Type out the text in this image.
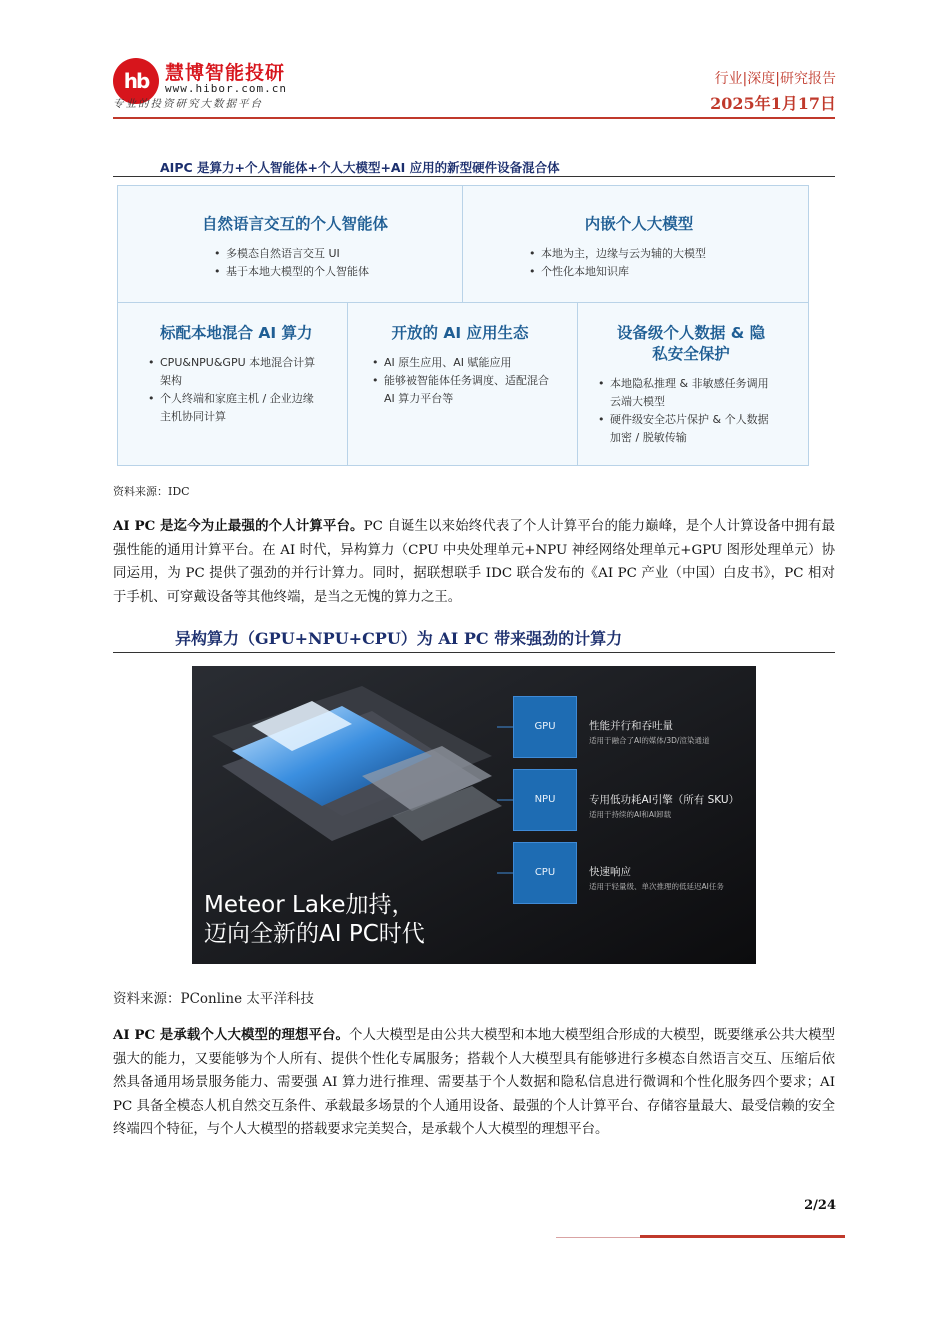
hb 慧博智能投研
www.hibor.com.cn
专业的投资研究大数据平台
行业|深度|研究报告
2025年1月17日
AIPC 是算力+个人智能体+个人大模型+AI 应用的新型硬件设备混合体
自然语言交互的个人智能体
• 多模态自然语言交互 UI
• 基于本地大模型的个人智能体
内嵌个人大模型
• 本地为主，边缘与云为辅的大模型
• 个性化本地知识库
标配本地混合 AI 算力
• CPU&NPU&GPU 本地混合计算架构
• 个人终端和家庭主机 / 企业边缘主机协同计算
开放的 AI 应用生态
• AI 原生应用、AI 赋能应用
• 能够被智能体任务调度、适配混合 AI 算力平台等
设备级个人数据 & 隐私安全保护
• 本地隐私推理 & 非敏感任务调用云端大模型
• 硬件级安全芯片保护 & 个人数据加密 / 脱敏传输
资料来源：IDC

AI PC 是迄今为止最强的个人计算平台。PC 自诞生以来始终代表了个人计算平台的能力巅峰，是个人计算设备中拥有最强性能的通用计算平台。在 AI 时代，异构算力（CPU 中央处理单元+NPU 神经网络处理单元+GPU 图形处理单元）协同运用，为 PC 提供了强劲的并行计算力。同时，据联想联手 IDC 联合发布的《AI PC 产业（中国）白皮书》，PC 相对于手机、可穿戴设备等其他终端，是当之无愧的算力之王。

异构算力（GPU+NPU+CPU）为 AI PC 带来强劲的计算力
GPU	性能并行和吞吐量
适用于融合了AI的媒体/3D/渲染通道
NPU	专用低功耗AI引擎（所有 SKU）
适用于持续的AI和AI卸载
CPU	快速响应
适用于轻量级、单次推理的低延迟AI任务
Meteor Lake加持，
迈向全新的AI PC时代
资料来源：PConline 太平洋科技

AI PC 是承载个人大模型的理想平台。个人大模型是由公共大模型和本地大模型组合形成的大模型，既要继承公共大模型强大的能力，又要能够为个人所有、提供个性化专属服务；搭载个人大模型具有能够进行多模态自然语言交互、压缩后依然具备通用场景服务能力、需要强 AI 算力进行推理、需要基于个人数据和隐私信息进行微调和个性化服务四个要求；AI PC 具备全模态人机自然交互条件、承载最多场景的个人通用设备、最强的个人计算平台、存储容量最大、最受信赖的安全终端四个特征，与个人大模型的搭载要求完美契合，是承载个人大模型的理想平台。

2/24
